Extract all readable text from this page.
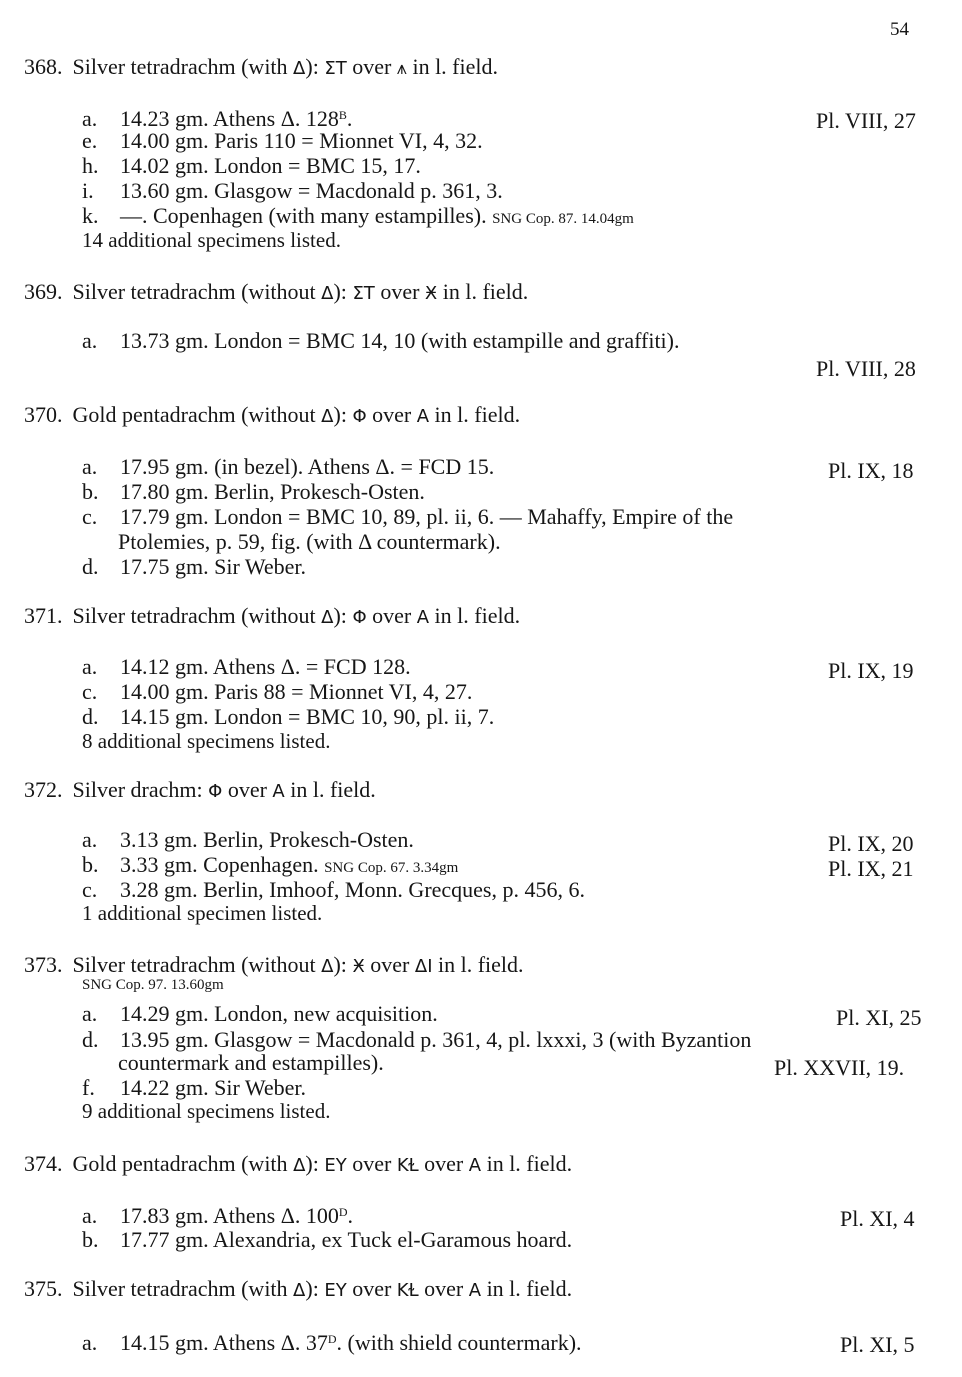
54
368. Silver tetradrachm (with Δ): ΣΤ over ⩚ in l. field.
a. 14.23 gm. Athens Δ. $128^B$.	Pl. VIII, 27
e. 14.00 gm. Paris 110 = Mionnet VI, 4, 32.
h. 14.02 gm. London = BMC 15, 17.
i. 13.60 gm. Glasgow = Macdonald p. 361, 3.
k. —. Copenhagen (with many estampilles). SNG Cop. 87. 14.04gm
14 additional specimens listed.
369. Silver tetradrachm (without Δ): ΣΤ over Ӿ in l. field.
a. 13.73 gm. London = BMC 14, 10 (with estampille and graffiti).
Pl. VIII, 28
370. Gold pentadrachm (without Δ): Φ over A in l. field.
a. 17.95 gm. (in bezel). Athens Δ. = FCD 15.	Pl. IX, 18
b. 17.80 gm. Berlin, Prokesch-Osten.
c. 17.79 gm. London = BMC 10, 89, pl. ii, 6. — Mahaffy, Empire of the
Ptolemies, p. 59, fig. (with Δ countermark).
d. 17.75 gm. Sir Weber.
371. Silver tetradrachm (without Δ): Φ over A in l. field.
a. 14.12 gm. Athens Δ. = FCD 128.	Pl. IX, 19
c. 14.00 gm. Paris 88 = Mionnet VI, 4, 27.
d. 14.15 gm. London = BMC 10, 90, pl. ii, 7.
8 additional specimens listed.
372. Silver drachm: Φ over A in l. field.
a. 3.13 gm. Berlin, Prokesch-Osten.	Pl. IX, 20
b. 3.33 gm. Copenhagen. SNG Cop. 67. 3.34gm	Pl. IX, 21
c. 3.28 gm. Berlin, Imhoof, Monn. Grecques, p. 456, 6.
1 additional specimen listed.
373. Silver tetradrachm (without Δ): Ӿ over ΔΙ in l. field.
SNG Cop. 97. 13.60gm
a. 14.29 gm. London, new acquisition.	Pl. XI, 25
d. 13.95 gm. Glasgow = Macdonald p. 361, 4, pl. lxxxi, 3 (with Byzantion
countermark and estampilles).	Pl. XXVII, 19.
f. 14.22 gm. Sir Weber.
9 additional specimens listed.
374. Gold pentadrachm (with Δ): EY over KⱢ over A in l. field.
a. 17.83 gm. Athens Δ. $100^D$.	Pl. XI, 4
b. 17.77 gm. Alexandria, ex Tuck el-Garamous hoard.
375. Silver tetradrachm (with Δ): EY over KⱢ over A in l. field.
a. 14.15 gm. Athens Δ. $37^D$. (with shield countermark).	Pl. XI, 5
